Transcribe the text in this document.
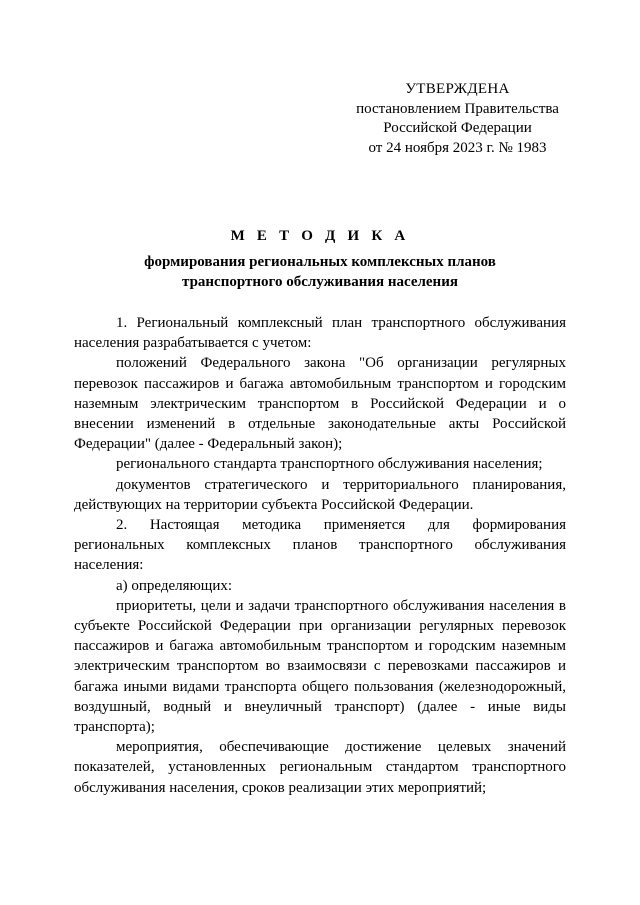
УТВЕРЖДЕНА
постановлением Правительства
Российской Федерации
от 24 ноября 2023 г. № 1983
М Е Т О Д И К А
формирования региональных комплексных планов
транспортного обслуживания населения

1. Региональный комплексный план транспортного обслуживания населения разрабатывается с учетом:

положений Федерального закона "Об организации регулярных перевозок пассажиров и багажа автомобильным транспортом и городским наземным электрическим транспортом в Российской Федерации и о внесении изменений в отдельные законодательные акты Российской Федерации" (далее - Федеральный закон);

регионального стандарта транспортного обслуживания населения;

документов стратегического и территориального планирования, действующих на территории субъекта Российской Федерации.

2. Настоящая методика применяется для формирования региональных комплексных планов транспортного обслуживания населения:

а) определяющих:

приоритеты, цели и задачи транспортного обслуживания населения в субъекте Российской Федерации при организации регулярных перевозок пассажиров и багажа автомобильным транспортом и городским наземным электрическим транспортом во взаимосвязи с перевозками пассажиров и багажа иными видами транспорта общего пользования (железнодорожный, воздушный, водный и внеуличный транспорт) (далее - иные виды транспорта);

мероприятия, обеспечивающие достижение целевых значений показателей, установленных региональным стандартом транспортного обслуживания населения, сроков реализации этих мероприятий;
